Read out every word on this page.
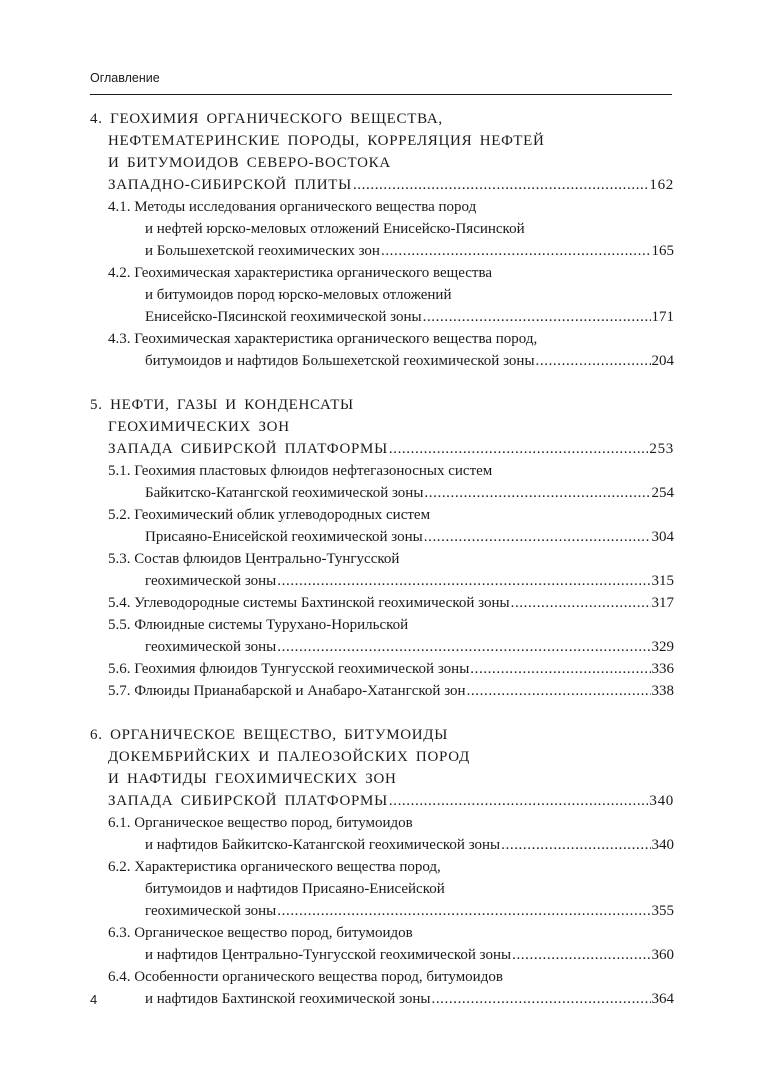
Оглавление
4. ГЕОХИМИЯ ОРГАНИЧЕСКОГО ВЕЩЕСТВА,
НЕФТЕМАТЕРИНСКИЕ ПОРОДЫ, КОРРЕЛЯЦИЯ НЕФТЕЙ
И БИТУМОИДОВ СЕВЕРО-ВОСТОКА
ЗАПАДНО-СИБИРСКОЙ ПЛИТЫ .....	162
4.1. Методы исследования органического вещества пород
и нефтей юрско-меловых отложений Енисейско-Пясинской
и Большехетской геохимических зон .....	165
4.2. Геохимическая характеристика органического вещества
и битумоидов пород юрско-меловых отложений
Енисейско-Пясинской геохимической зоны .....	171
4.3. Геохимическая характеристика органического вещества пород,
битумоидов и нафтидов Большехетской геохимической зоны .....	204
5. НЕФТИ, ГАЗЫ И КОНДЕНСАТЫ
ГЕОХИМИЧЕСКИХ ЗОН
ЗАПАДА СИБИРСКОЙ ПЛАТФОРМЫ .....	253
5.1. Геохимия пластовых флюидов нефтегазоносных систем
Байкитско-Катангской геохимической зоны .....	254
5.2. Геохимический облик углеводородных систем
Присаяно-Енисейской геохимической зоны .....	304
5.3. Состав флюидов Центрально-Тунгусской
геохимической зоны .....	315
5.4. Углеводородные системы Бахтинской геохимической зоны .....	317
5.5. Флюидные системы Турухано-Норильской
геохимической зоны .....	329
5.6. Геохимия флюидов Тунгусской геохимической зоны .....	336
5.7. Флюиды Прианабарской и Анабаро-Хатангской зон .....	338
6. ОРГАНИЧЕСКОЕ ВЕЩЕСТВО, БИТУМОИДЫ
ДОКЕМБРИЙСКИХ И ПАЛЕОЗОЙСКИХ ПОРОД
И НАФТИДЫ ГЕОХИМИЧЕСКИХ ЗОН
ЗАПАДА СИБИРСКОЙ ПЛАТФОРМЫ .....	340
6.1. Органическое вещество пород, битумоидов
и нафтидов Байкитско-Катангской геохимической зоны .....	340
6.2. Характеристика органического вещества пород,
битумоидов и нафтидов Присаяно-Енисейской
геохимической зоны .....	355
6.3. Органическое вещество пород, битумоидов
и нафтидов Центрально-Тунгусской геохимической зоны .....	360
6.4. Особенности органического вещества пород, битумоидов
и нафтидов Бахтинской геохимической зоны .....	364
4
